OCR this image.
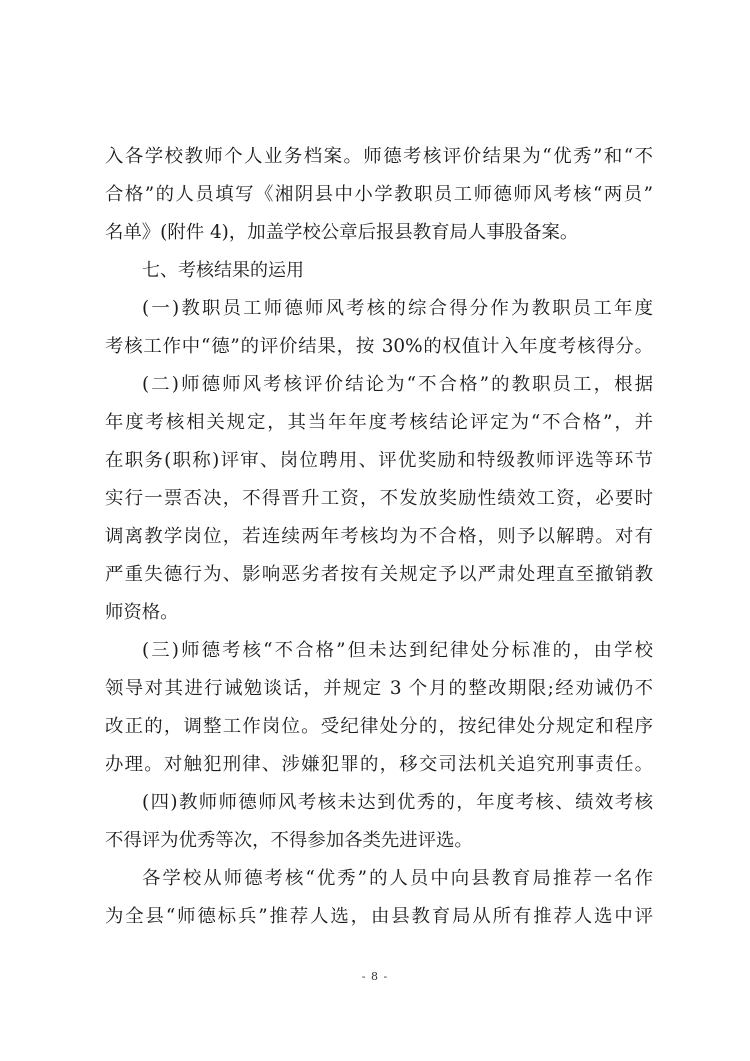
入各学校教师个人业务档案。师德考核评价结果为“优秀”和“不
合格”的人员填写《湘阴县中小学教职员工师德师风考核“两员”
名单》(附件 4)，加盖学校公章后报县教育局人事股备案。
七、考核结果的运用
(一)教职员工师德师风考核的综合得分作为教职员工年度
考核工作中“德”的评价结果，按 30%的权值计入年度考核得分。
(二)师德师风考核评价结论为“不合格”的教职员工，根据
年度考核相关规定，其当年年度考核结论评定为“不合格”，并
在职务(职称)评审、岗位聘用、评优奖励和特级教师评选等环节
实行一票否决，不得晋升工资，不发放奖励性绩效工资，必要时
调离教学岗位，若连续两年考核均为不合格，则予以解聘。对有
严重失德行为、影响恶劣者按有关规定予以严肃处理直至撤销教
师资格。
(三)师德考核“不合格”但未达到纪律处分标准的，由学校
领导对其进行诫勉谈话，并规定 3 个月的整改期限;经劝诫仍不
改正的，调整工作岗位。受纪律处分的，按纪律处分规定和程序
办理。对触犯刑律、涉嫌犯罪的，移交司法机关追究刑事责任。
(四)教师师德师风考核未达到优秀的，年度考核、绩效考核
不得评为优秀等次，不得参加各类先进评选。
各学校从师德考核“优秀”的人员中向县教育局推荐一名作
为全县“师德标兵”推荐人选，由县教育局从所有推荐人选中评
- 8 -
